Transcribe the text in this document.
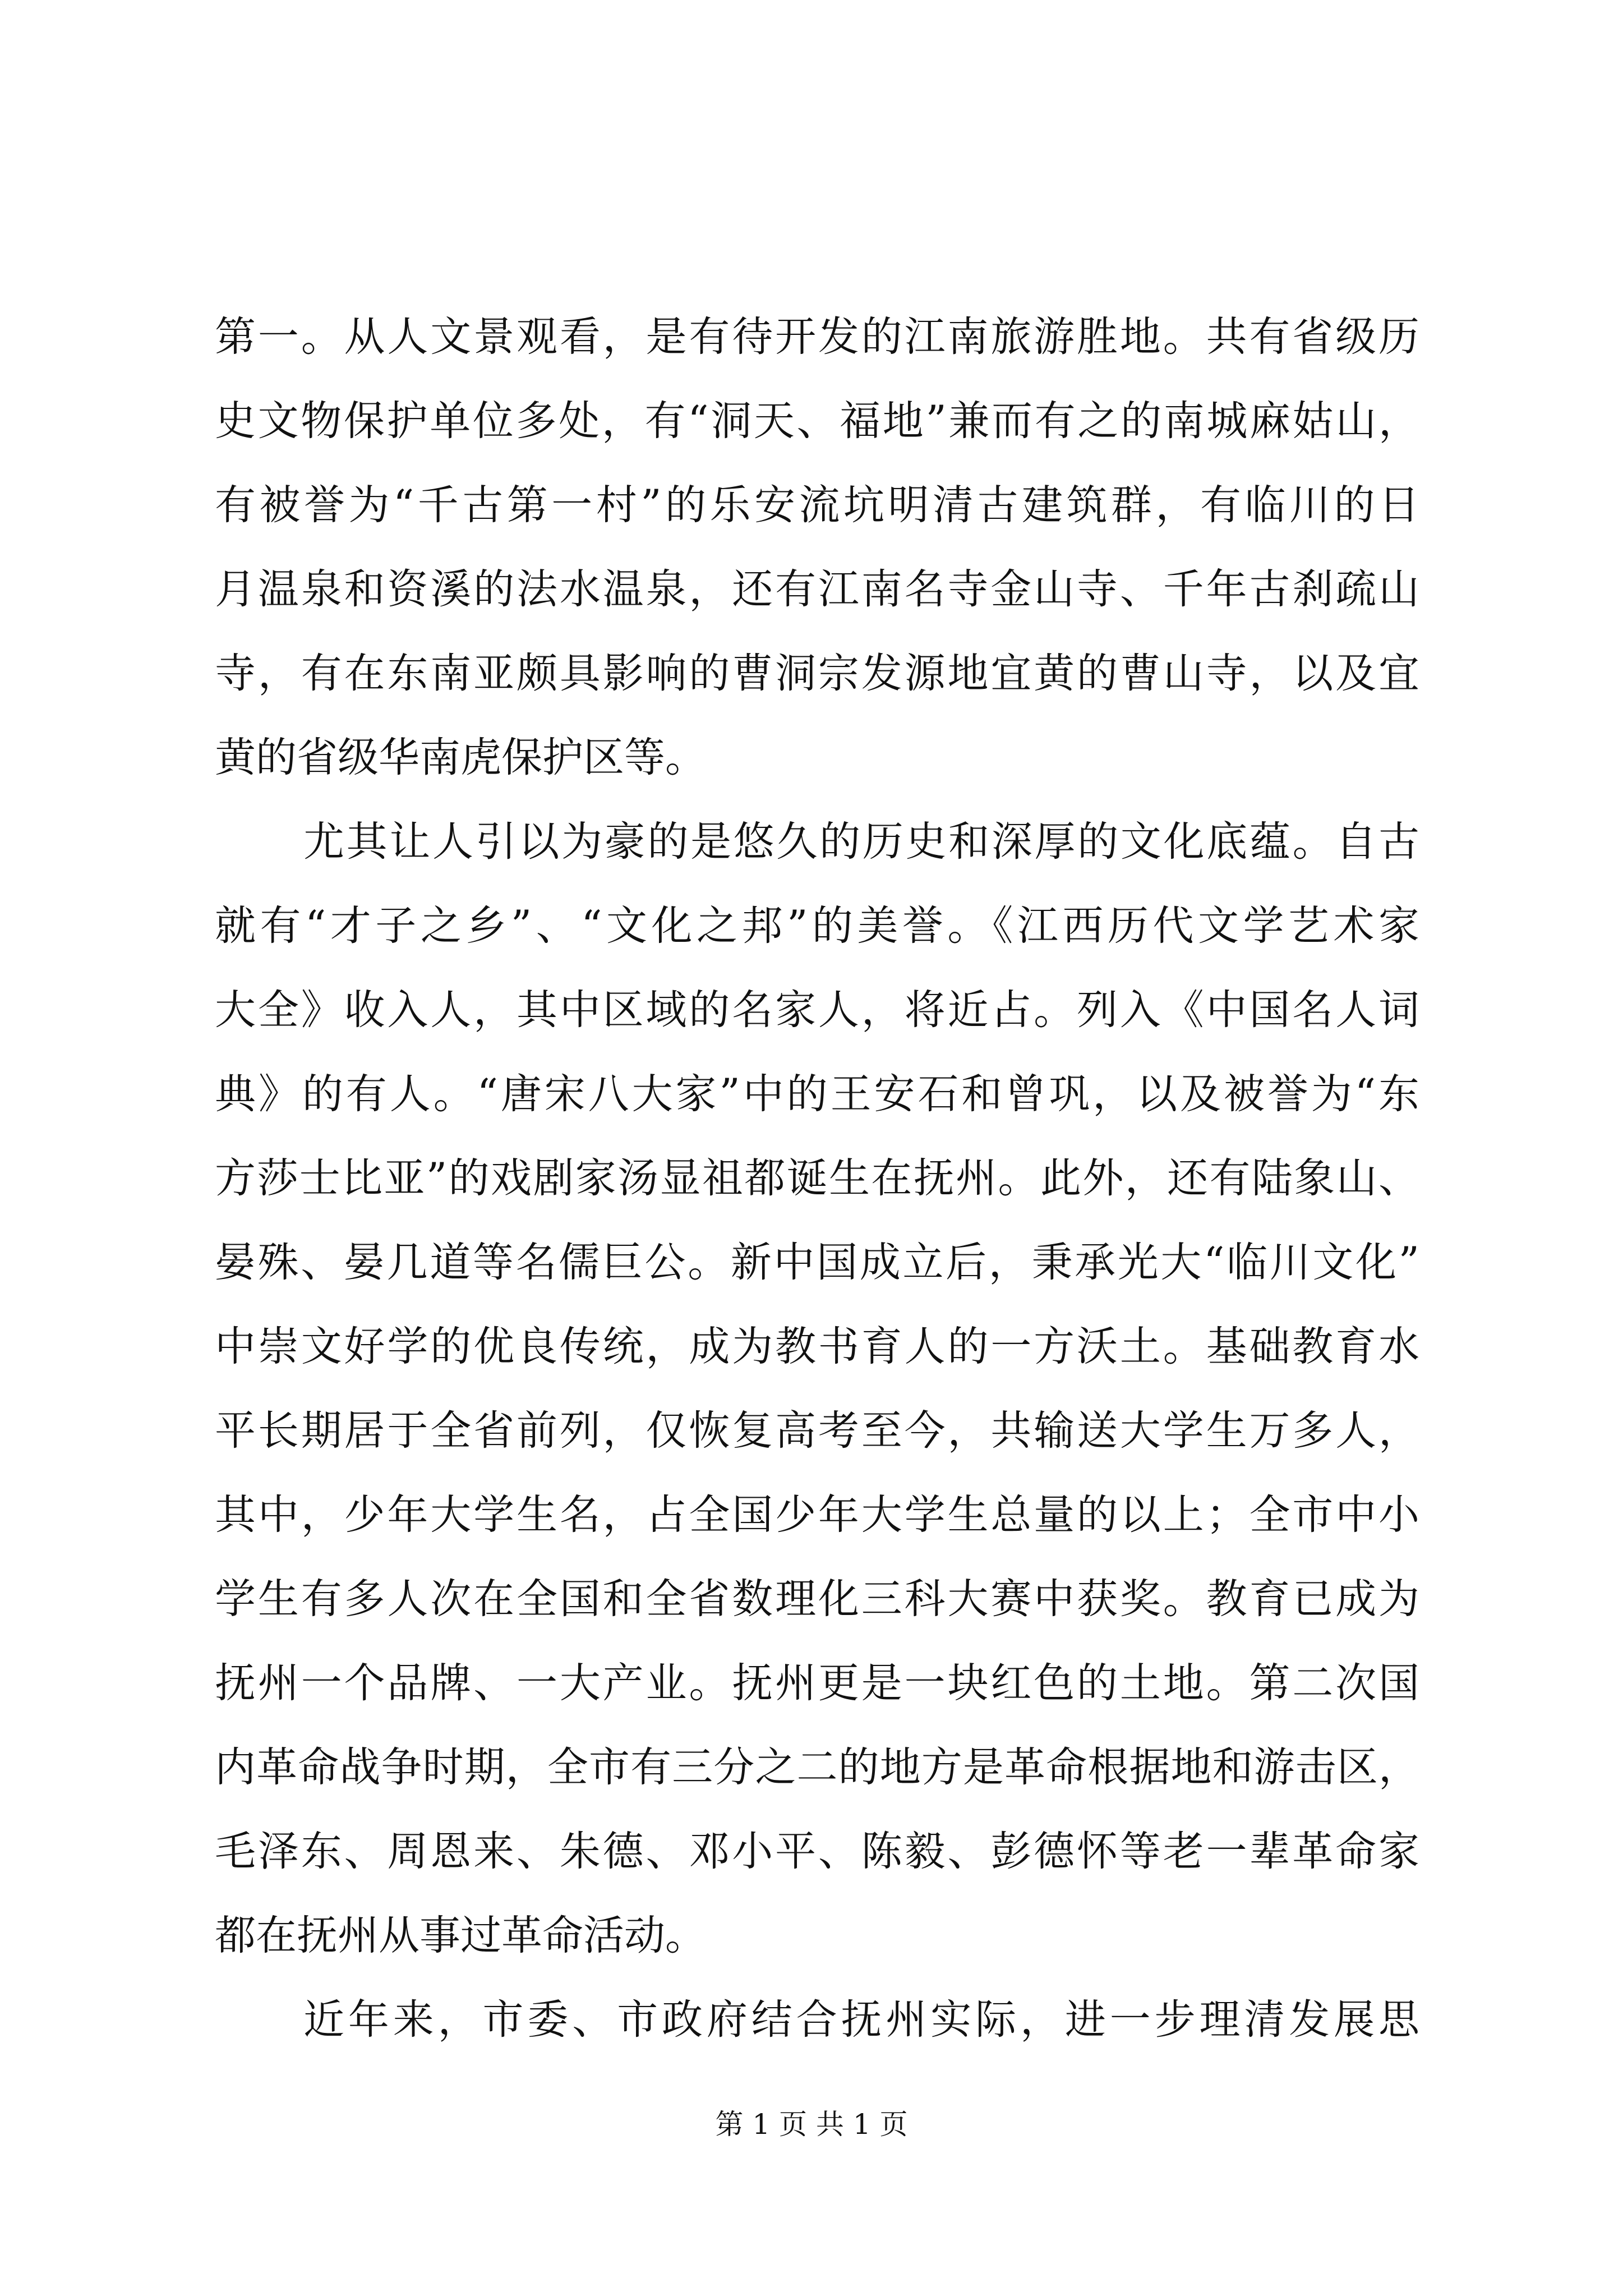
第一。从人文景观看，是有待开发的江南旅游胜地。共有省级历
史文物保护单位多处，有“洞天、福地”兼而有之的南城麻姑山，
有被誉为“千古第一村”的乐安流坑明清古建筑群，有临川的日
月温泉和资溪的法水温泉，还有江南名寺金山寺、千年古刹疏山
寺，有在东南亚颇具影响的曹洞宗发源地宜黄的曹山寺，以及宜
黄的省级华南虎保护区等。
尤其让人引以为豪的是悠久的历史和深厚的文化底蕴。自古
就有“才子之乡”、“文化之邦”的美誉。《江西历代文学艺术家
大全》收入人，其中区域的名家人，将近占。列入《中国名人词
典》的有人。“唐宋八大家”中的王安石和曾巩，以及被誉为“东
方莎士比亚”的戏剧家汤显祖都诞生在抚州。此外，还有陆象山、
晏殊、晏几道等名儒巨公。新中国成立后，秉承光大“临川文化”
中崇文好学的优良传统，成为教书育人的一方沃土。基础教育水
平长期居于全省前列，仅恢复高考至今，共输送大学生万多人，
其中，少年大学生名，占全国少年大学生总量的以上；全市中小
学生有多人次在全国和全省数理化三科大赛中获奖。教育已成为
抚州一个品牌、一大产业。抚州更是一块红色的土地。第二次国
内革命战争时期，全市有三分之二的地方是革命根据地和游击区，
毛泽东、周恩来、朱德、邓小平、陈毅、彭德怀等老一辈革命家
都在抚州从事过革命活动。
近年来，市委、市政府结合抚州实际，进一步理清发展思
第 1 页 共 1 页
